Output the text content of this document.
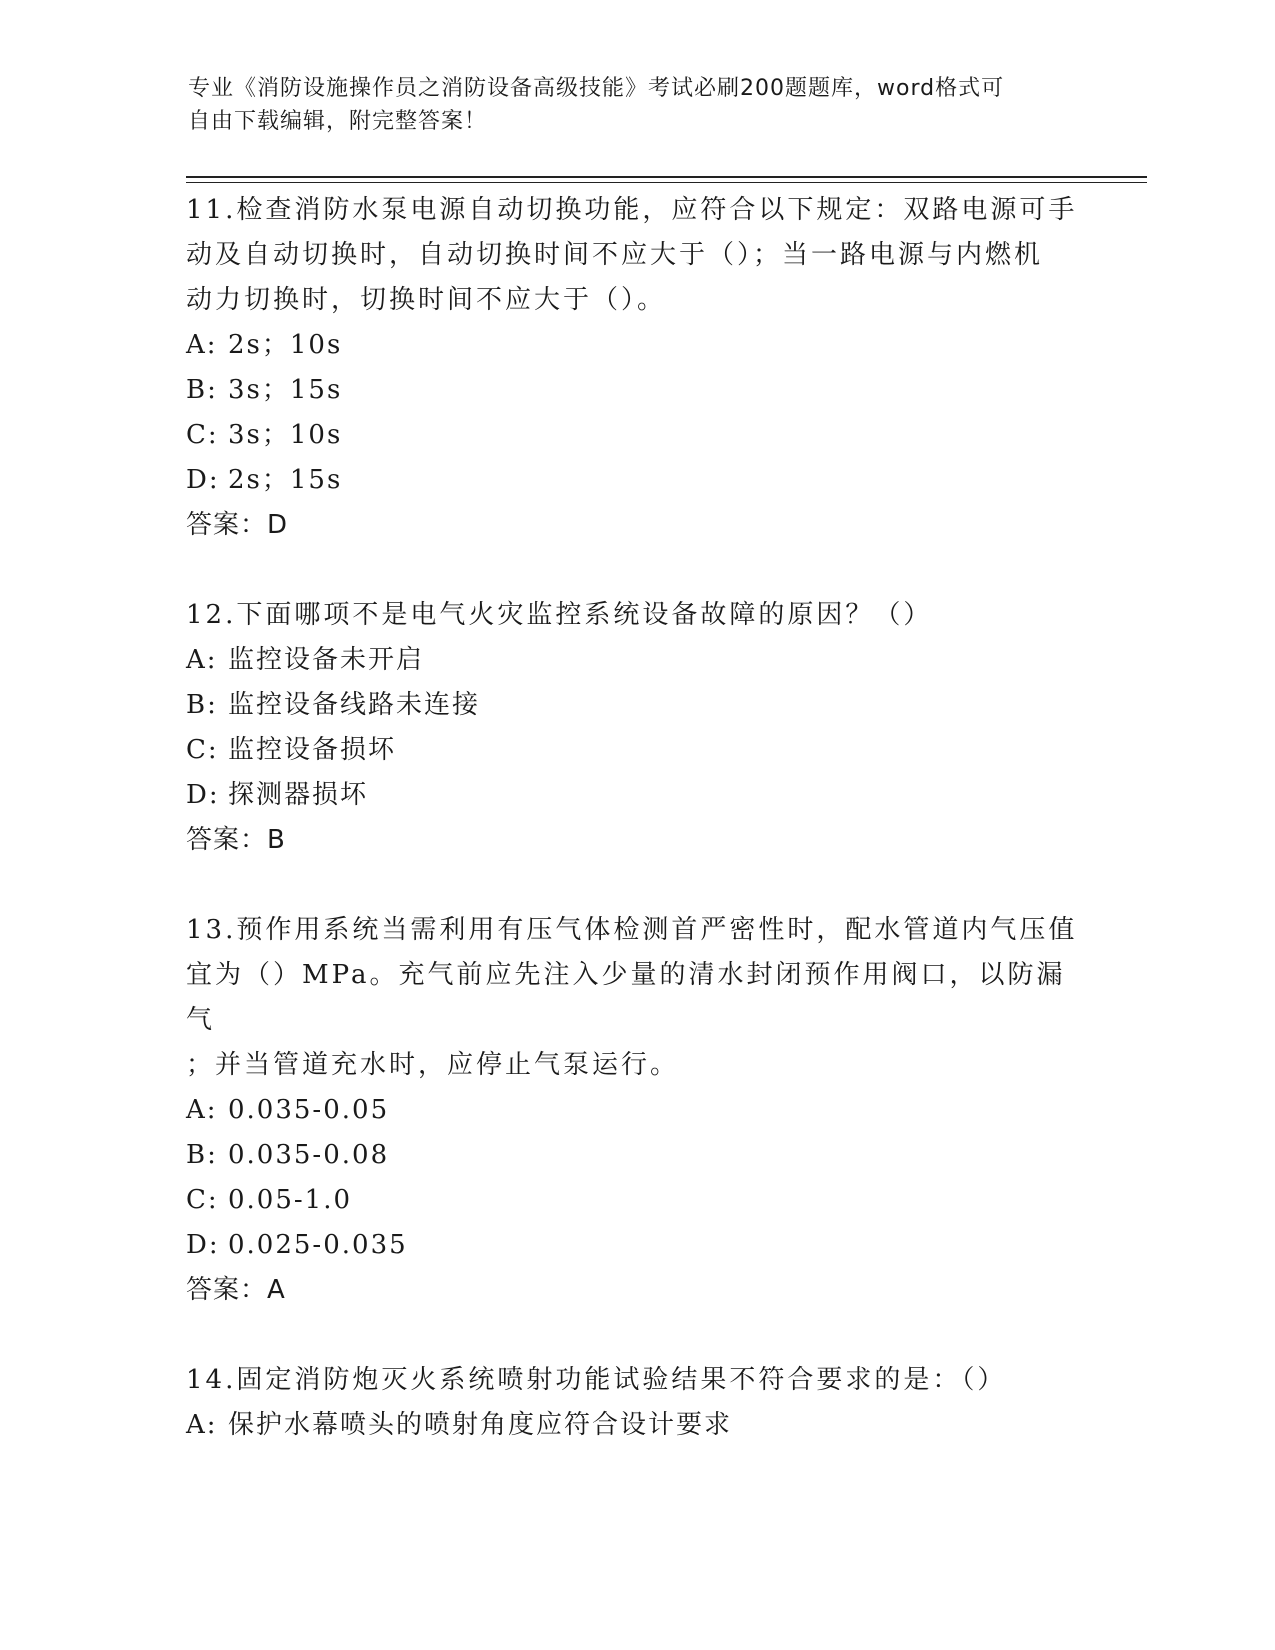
专业《消防设施操作员之消防设备高级技能》考试必刷200题题库，word格式可
自由下载编辑，附完整答案！
11.检查消防水泵电源自动切换功能，应符合以下规定：双路电源可手
动及自动切换时，自动切换时间不应大于（）；当一路电源与内燃机
动力切换时，切换时间不应大于（）。
A: 2s；10s
B: 3s；15s
C: 3s；10s
D: 2s；15s
答案：D
12.下面哪项不是电气火灾监控系统设备故障的原因？（）
A: 监控设备未开启
B: 监控设备线路未连接
C: 监控设备损坏
D: 探测器损坏
答案：B
13.预作用系统当需利用有压气体检测首严密性时，配水管道内气压值
宜为（）MPa。充气前应先注入少量的清水封闭预作用阀口，以防漏气
；并当管道充水时，应停止气泵运行。
A: 0.035-0.05
B: 0.035-0.08
C: 0.05-1.0
D: 0.025-0.035
答案：A
14.固定消防炮灭火系统喷射功能试验结果不符合要求的是：（）
A: 保护水幕喷头的喷射角度应符合设计要求
